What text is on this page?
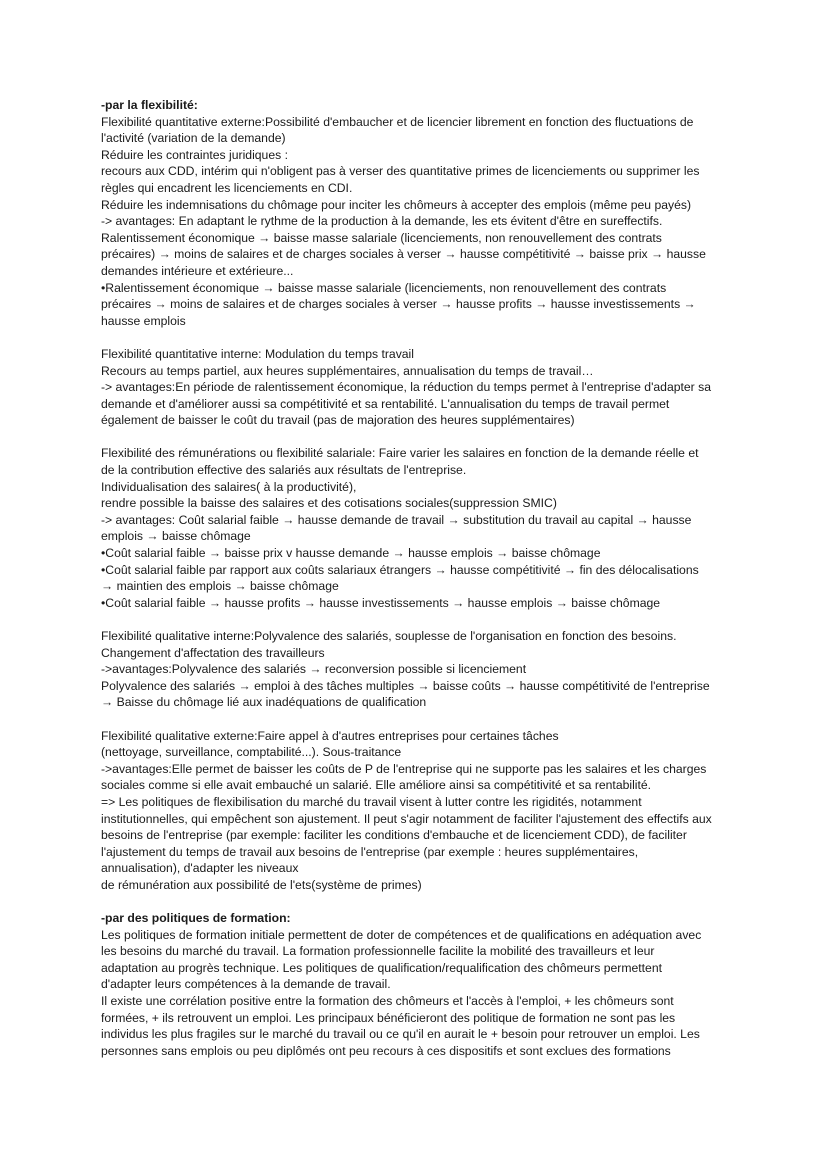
-par la flexibilité:
Flexibilité quantitative externe:Possibilité d'embaucher et de licencier librement en fonction des fluctuations de
l'activité (variation de la demande)
Réduire les contraintes juridiques :
recours aux CDD, intérim qui n'obligent pas à verser des quantitative primes de licenciements ou supprimer les
règles qui encadrent les licenciements en CDI.
Réduire les indemnisations du chômage pour inciter les chômeurs à accepter des emplois (même peu payés)
-> avantages: En adaptant le rythme de la production à la demande, les ets évitent d'être en sureffectifs.
Ralentissement économique → baisse masse salariale (licenciements, non renouvellement des contrats
précaires) → moins de salaires et de charges sociales à verser → hausse compétitivité → baisse prix → hausse
demandes intérieure et extérieure...
•Ralentissement économique → baisse masse salariale (licenciements, non renouvellement des contrats
précaires → moins de salaires et de charges sociales à verser → hausse profits → hausse investissements →
hausse emplois
Flexibilité quantitative interne: Modulation du temps travail
Recours au temps partiel, aux heures supplémentaires, annualisation du temps de travail…
-> avantages:En période de ralentissement économique, la réduction du temps permet à l'entreprise d'adapter sa
demande et d'améliorer aussi sa compétitivité et sa rentabilité. L'annualisation du temps de travail permet
également de baisser le coût du travail (pas de majoration des heures supplémentaires)
Flexibilité des rémunérations ou flexibilité salariale: Faire varier les salaires en fonction de la demande réelle et
de la contribution effective des salariés aux résultats de l'entreprise.
Individualisation des salaires( à la productivité),
rendre possible la baisse des salaires et des cotisations sociales(suppression SMIC)
-> avantages: Coût salarial faible → hausse demande de travail → substitution du travail au capital → hausse
emplois → baisse chômage
•Coût salarial faible → baisse prix v hausse demande → hausse emplois → baisse chômage
•Coût salarial faible par rapport aux coûts salariaux étrangers → hausse compétitivité → fin des délocalisations
→ maintien des emplois → baisse chômage
•Coût salarial faible → hausse profits → hausse investissements → hausse emplois → baisse chômage
Flexibilité qualitative interne:Polyvalence des salariés, souplesse de l'organisation en fonction des besoins.
Changement d'affectation des travailleurs
->avantages:Polyvalence des salariés → reconversion possible si licenciement
Polyvalence des salariés → emploi à des tâches multiples → baisse coûts → hausse compétitivité de l'entreprise
→ Baisse du chômage lié aux inadéquations de qualification
Flexibilité qualitative externe:Faire appel à d'autres entreprises pour certaines tâches
(nettoyage, surveillance, comptabilité...). Sous-traitance
->avantages:Elle permet de baisser les coûts de P de l'entreprise qui ne supporte pas les salaires et les charges
sociales comme si elle avait embauché un salarié. Elle améliore ainsi sa compétitivité et sa rentabilité.
=> Les politiques de flexibilisation du marché du travail visent à lutter contre les rigidités, notamment
institutionnelles, qui empêchent son ajustement. Il peut s'agir notamment de faciliter l'ajustement des effectifs aux
besoins de l'entreprise (par exemple: faciliter les conditions d'embauche et de licenciement CDD), de faciliter
l'ajustement du temps de travail aux besoins de l'entreprise (par exemple : heures supplémentaires,
annualisation), d'adapter les niveaux
de rémunération aux possibilité de l'ets(système de primes)
-par des politiques de formation:
Les politiques de formation initiale permettent de doter de compétences et de qualifications en adéquation avec
les besoins du marché du travail. La formation professionnelle facilite la mobilité des travailleurs et leur
adaptation au progrès technique. Les politiques de qualification/requalification des chômeurs permettent
d'adapter leurs compétences à la demande de travail.
Il existe une corrélation positive entre la formation des chômeurs et l'accès à l'emploi, + les chômeurs sont
formées, + ils retrouvent un emploi. Les principaux bénéficieront des politique de formation ne sont pas les
individus les plus fragiles sur le marché du travail ou ce qu'il en aurait le + besoin pour retrouver un emploi. Les
personnes sans emplois ou peu diplômés ont peu recours à ces dispositifs et sont exclues des formations
